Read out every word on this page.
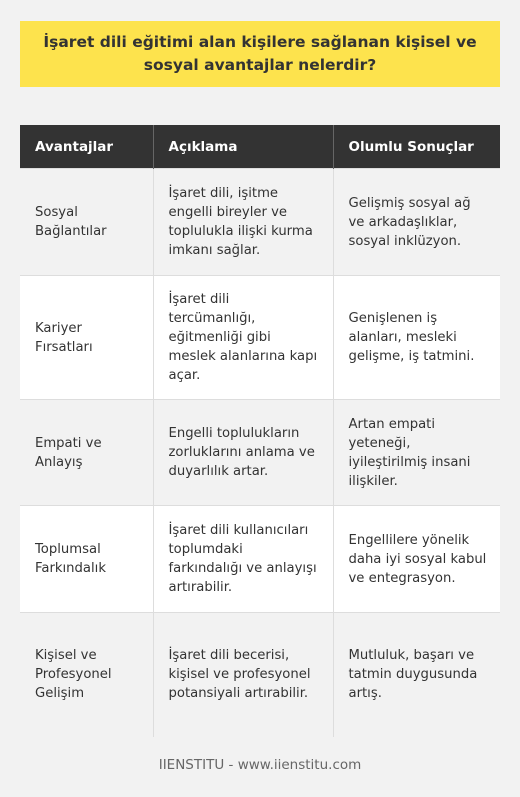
İşaret dili eğitimi alan kişilere sağlanan kişisel ve sosyal avantajlar nelerdir?
Avantajlar	Açıklama	Olumlu Sonuçlar
Sosyal Bağlantılar	İşaret dili, işitme engelli bireyler ve toplulukla ilişki kurma imkanı sağlar.	Gelişmiş sosyal ağ ve arkadaşlıklar, sosyal inklüzyon.
Kariyer Fırsatları	İşaret dili tercümanlığı, eğitmenliği gibi meslek alanlarına kapı açar.	Genişlenen iş alanları, mesleki gelişme, iş tatmini.
Empati ve Anlayış	Engelli toplulukların zorluklarını anlama ve duyarlılık artar.	Artan empati yeteneği, iyileştirilmiş insani ilişkiler.
Toplumsal Farkındalık	İşaret dili kullanıcıları toplumdaki farkındalığı ve anlayışı artırabilir.	Engellilere yönelik daha iyi sosyal kabul ve entegrasyon.
Kişisel ve Profesyonel Gelişim	İşaret dili becerisi, kişisel ve profesyonel potansiyali artırabilir.	Mutluluk, başarı ve tatmin duygusunda artış.
IIENSTITU - www.iienstitu.com
